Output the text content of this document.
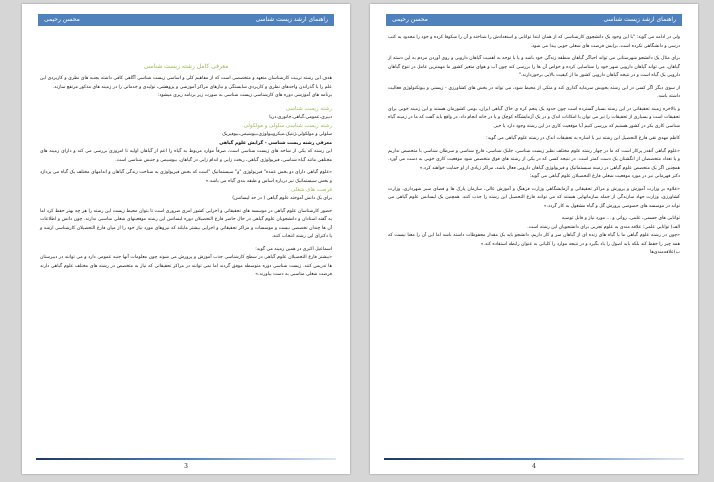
راهنمای ارشد زیست شناسی
محسن رحیمی

معرفی کامل رشته زیست شناسی

هدف این رشته تربیت کارشناسان متعهد و متخصصی است که از مفاهیم کلی و اساسی زیست شناسی آگاهی کافی داشته بجنبه های نظری و کاربردی این علم را با گذراندن واحدهای نظری و کاربردی شایستگی و نیازهای مراکز آموزشی و پژوهشی، تولیدی و خدماتی را در زمینه های مذکور مرتفع سازند.

برنامه های آموزشی دوره های کارشناسی زیست شناسی به صورت زیر برنامه ریزی میشود:

رشته زیست شناسی

دبیری،عمومی،گیاهی،جانوری،دریا

رشته زیست شناسی سلولی و مولکولی

سلولی و مولکولی،ژنتیک،میکروبیولوژی،بیوشیمی،بیوفیزیک

معرفی رشته زیست شناسی - گرایش علوم گیاهی

این رشته که یکی از شاخه های زیست شناسی است، صرفاً موارد مربوط به گیاه را اعم از گیاهان اولیه تا امروزی بررسی می کند و دارای زمینه های مختلفی مانند گیاه شناسی، فیزیولوژی گیاهی، ریخت زایی و اندام زایی در گیاهان، بیوشیمی و جنبش شناسی است.

«علوم گیاهی دارای دو بخش عمده" فیزیولوژی "و" سیستماتیک "است که بخش فیزیولوژی به شناخت زندگی گیاهان و اندامهای مختلف یک گیاه می پردازد و بخش سیستماتیک نیز درباره اساس و طبقه بندی گیاه می باشد.»

فرصت های شغلی

برای یک دانش آموخته علوم گیاهی ( در حد لیسانس)

حضور کارشناسان علوم گیاهی در موسسه های تحقیقاتی و اجرایی کشور امری ضروری است تا بتوان محیط زیست این رشته را هر چه بهتر حفظ کرد اما به گفته استادان و دانشجویان علوم گیاهی در حال حاضر فارغ التحصیلان دوره لیسانس این رشته موقعیتهای شغلی مناسبی ندارند. چون دانش و اطلاعات آن ها چندان تخصصی نیست و موسسات و مراکز تحقیقاتی و اجرایی بیشتر مایلند که نیروهای مورد نیاز خود را از میان فارغ التحصیلان کارشناسی ارشد و یا دکترای این رشته انتخاب کنند.

اسماعیل اکبری در همین زمینه می گوید:

«بیشتر فارغ التحصیلان علوم گیاهی در سطح کارشناسی جذب آموزش و پرورش می شوند چون معلومات آنها جنبه عمومی دارد و می توانند در دبیرستان ها تدریس کنند. زیست شناسی دوره متوسطه موفق گردند اما نمی توانند در مراکز تحقیقاتی که نیاز به متخصص در رشته های مختلف علوم گیاهی دارند فرصت شغلی مناسبی به دست بیاورند.»

3
راهنمای ارشد زیست شناسی
محسن رحیمی

ولی در ادامه می گوید: "با این وجود یک دانشجوی کارشناسی که از همان ابتدا توانایی و استعدادش را شناخته و آن را شکوفا کرده و خود را محدود به کتب درسی و دانشگاهی نکرده است، برایش فرصت های شغلی خوبی پیدا می شود.

برای مثال یک دانشجو شهرستانی می تواند احیاگر گیاهان منطقه زندگی خود باشد و یا با توجه به اهمیت گیاهان دارویی و روی آوردن مردم به این دسته از گیاهان، می تواند گیاهان دارویی شهر خود را شناسایی کرده و خواص آن ها را بررسی کند چون آب و هوای متغیر کشور ما مهمترین عامل در تنوع گیاهان دارویی یک گیاه است و در نتیجه گیاهان دارویی کشور ما از کیفیت بالایی برخوردارند."

از سوی دیگر اگر کسی در این رشته بخوبش سرمایه گذاری کند و متکی از محیط شود، می تواند در بخش های کشاورزی - زیستی و بیوتکنولوژی فعالیت داشته باشد.

و بالاخره زمینه تحقیقاتی در این رشته بسیار گسترده است چون حدود یک پنجم کره ی خاک گیاهی ایران، بومی کشورمان هستند و این زمینه خوبی برای تحقیقات است و بسیاری از تحقیقات را نیز می توان با امکانات اندک و در یک آزمایشگاه کوچک و یا در خانه انجام داد. در واقع باید گفت که ما در زمینه گیاه شناسی کاری بکر در کشور هستیم که بررسی کنیم آیا موقعیت کاری در این رشته وجود دارد یا خیر.

کاظم مهدی نقی فارغ التحصیل این رشته نیز با اشاره به تحقیقات اندک در رشته علوم گیاهی می گوید:

«علوم گیاهی آنقدر پرکار است که ما در چهار رشته علوم مختلف نظیر زیست شناسی، جلبک شناسی، قارچ شناسی و سرطان شناسی با متخصص نداریم و یا تعداد متخصصان از انگشتان یک دست کمتر است. در نتیجه کسی که در یکی از رشته های فوق متخصص شود موقعیت کاری خوبی به دست می آورد. همچنین اگر یک متخصص علوم گیاهی در زمینه سیستماتیک و فیزیولوژی گیاهان دارویی فعال باشد، مراکز زیادی از او حمایت خواهند کرد.»

دکتر قهرمانی نیز در مورد موقعیت شغلی فارغ التحصیلان علوم گیاهی می گوید:

«علاوه بر وزارت آموزش و پرورش و مراکز تحقیقاتی و آزمایشگاهی وزارت فرهنگ و آموزش عالی، سازمان پارک ها و فضای سبز شهرداری، وزارت کشاورزی، وزارت جهاد سازندگی از جمله سازمانهایی هستند که می توانند فارغ التحصیل این رشته را جذب کنند. همچنین یک لیسانس علوم گیاهی می تواند در موسسه های خصوصی پرورش گل و گیاه مشغول به کار گردد.»

توانایی های جسمی، علمی، روانی و ... مورد نیاز و قابل توصیه

الف) توانایی علمی: علاقه مندی به علوم تجربی برای دانشجویان این رشته است.

«چون در رشته علوم گیاهی ما با گیاه های زنده ای از گیاهان سر و کار داریم، دانشجو باید یک مقدار محفوظات داشته باشد اما این آن را معنا نیست که همه چیز را حفظ کند بلکه باید اصول را یاد بگیرد و در نتیجه موارد را کلیاتی به عنوان رابطه استفاده کند.»

ب)علاقه‌مندی‌ها

4
